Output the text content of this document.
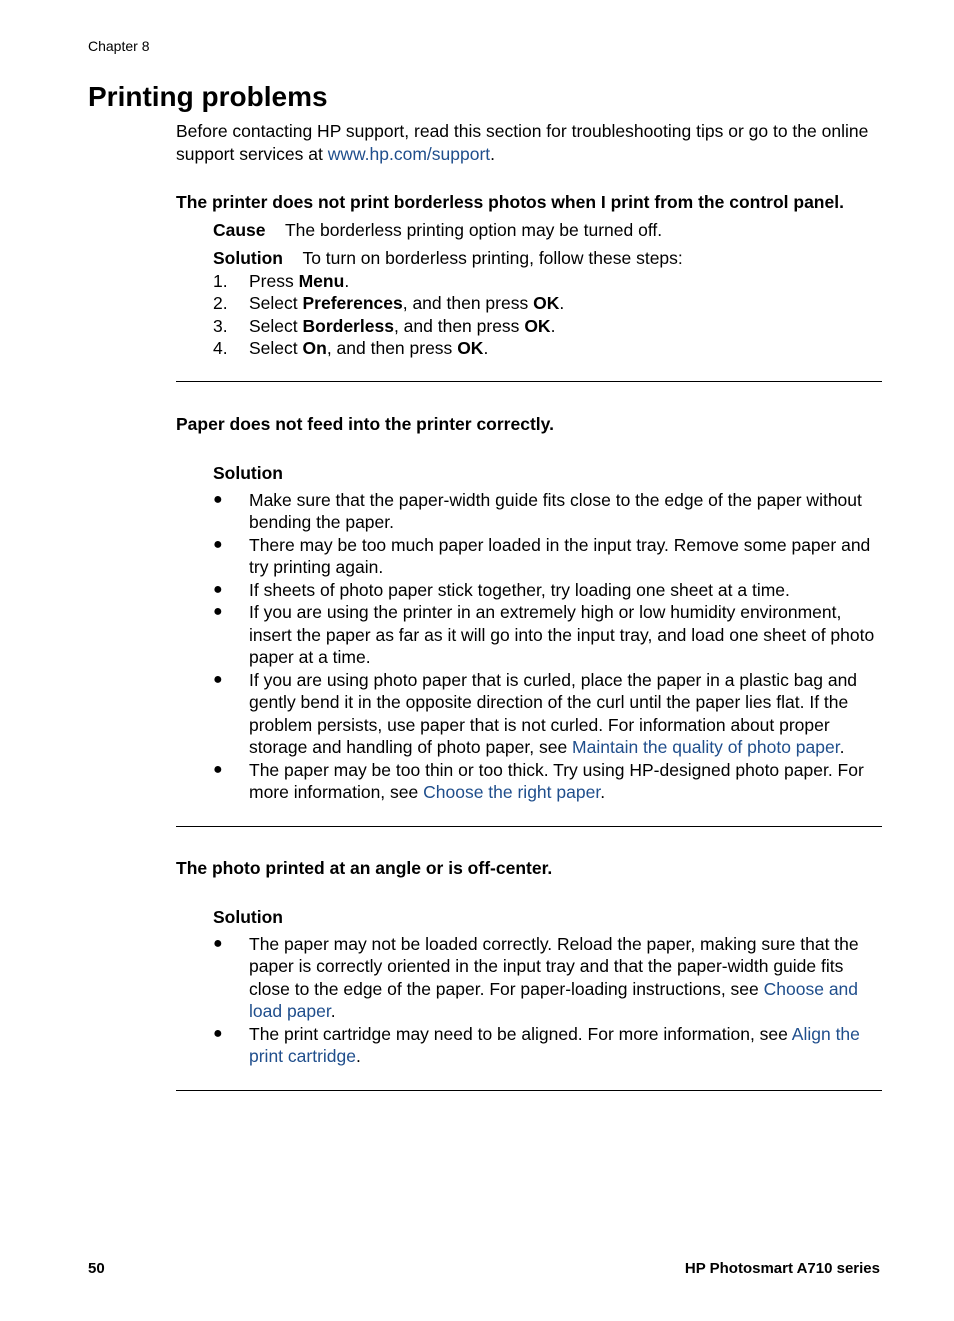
Chapter 8
Printing problems

Before contacting HP support, read this section for troubleshooting tips or go to the online support services at www.hp.com/support.

The printer does not print borderless photos when I print from the control panel.

Cause The borderless printing option may be turned off.

Solution To turn on borderless printing, follow these steps:

1. Press Menu.
2. Select Preferences, and then press OK.
3. Select Borderless, and then press OK.
4. Select On, and then press OK.

Paper does not feed into the printer correctly.

Solution

● Make sure that the paper-width guide fits close to the edge of the paper without bending the paper.
● There may be too much paper loaded in the input tray. Remove some paper and try printing again.
● If sheets of photo paper stick together, try loading one sheet at a time.
● If you are using the printer in an extremely high or low humidity environment, insert the paper as far as it will go into the input tray, and load one sheet of photo paper at a time.
● If you are using photo paper that is curled, place the paper in a plastic bag and gently bend it in the opposite direction of the curl until the paper lies flat. If the problem persists, use paper that is not curled. For information about proper storage and handling of photo paper, see Maintain the quality of photo paper.
● The paper may be too thin or too thick. Try using HP-designed photo paper. For more information, see Choose the right paper.

The photo printed at an angle or is off-center.

Solution

● The paper may not be loaded correctly. Reload the paper, making sure that the paper is correctly oriented in the input tray and that the paper-width guide fits close to the edge of the paper. For paper-loading instructions, see Choose and load paper.
● The print cartridge may need to be aligned. For more information, see Align the print cartridge.
50	HP Photosmart A710 series
